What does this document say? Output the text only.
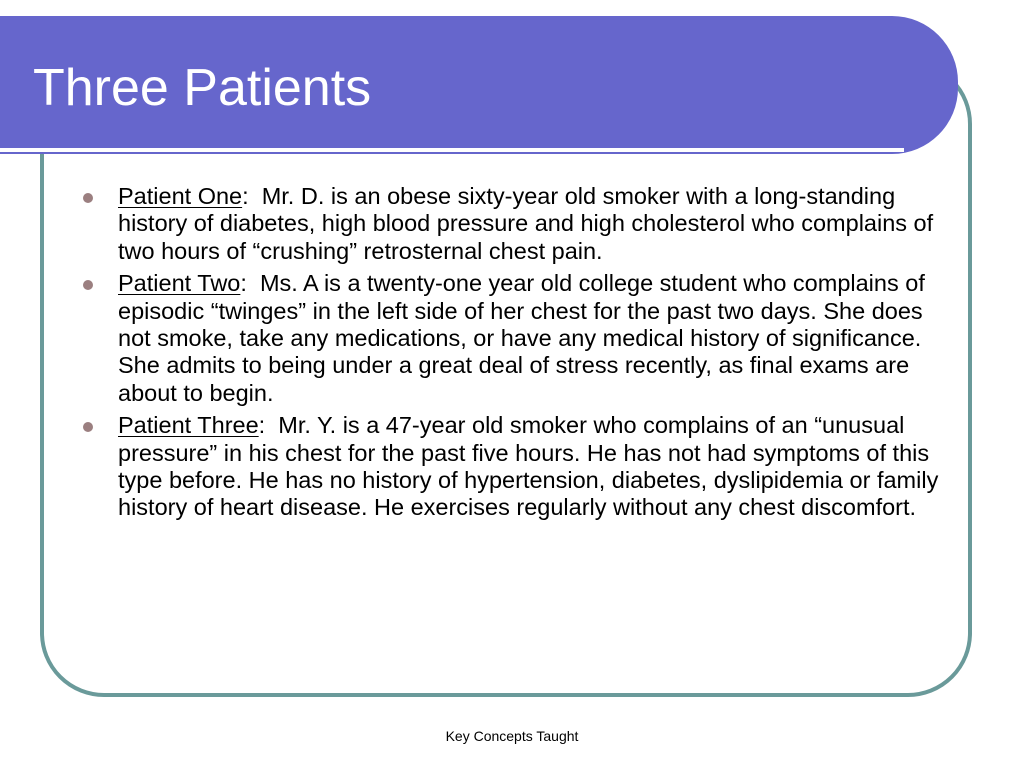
Three Patients
Patient One:  Mr. D. is an obese sixty-year old smoker with a long-standing history of diabetes, high blood pressure and high cholesterol who complains of two hours of “crushing” retrosternal chest pain.
Patient Two:  Ms. A is a twenty-one year old college student who complains of episodic “twinges” in the left side of her chest for the past two days. She does not smoke, take any medications, or have any medical history of significance. She admits to being under a great deal of stress recently, as final exams are about to begin.
Patient Three:  Mr. Y. is a 47-year old smoker who complains of an “unusual pressure” in his chest for the past five hours. He has not had symptoms of this type before. He has no history of hypertension, diabetes, dyslipidemia or family history of heart disease. He exercises regularly without any chest discomfort.
Key Concepts Taught
